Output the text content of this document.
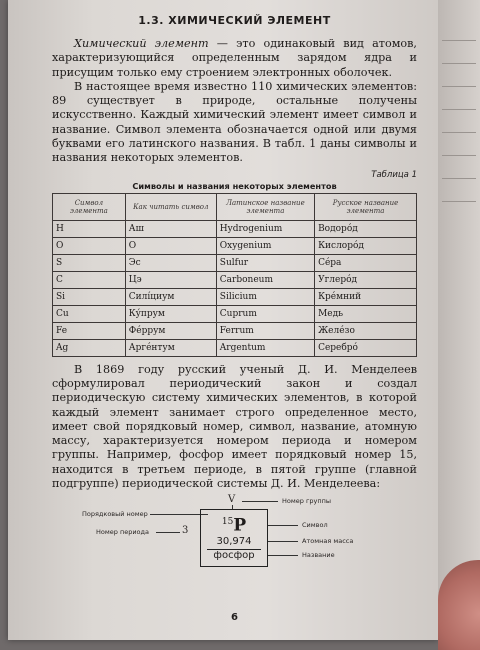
1.3. ХИМИЧЕСКИЙ ЭЛЕМЕНТ

Химический элемент — это одинаковый вид атомов, характеризующийся определенным зарядом ядра и присущим только ему строением электронных оболочек.

В настоящее время известно 110 химических элементов: 89 существует в природе, остальные получены искусственно. Каждый химический элемент имеет символ и название. Символ элемента обозначается одной или двумя буквами его латинского названия. В табл. 1 даны символы и названия некоторых элементов.

Таблица 1
Символы и названия некоторых элементов
Символ элемента	Как читать символ	Латинское название элемента	Русское название элемента
H	Аш	Hydrogenium	Водорóд
O	О	Oxygenium	Кислорóд
S	Эс	Sulfur	Сéра
C	Цэ	Carboneum	Углерóд
Si	Силíциум	Silicium	Крéмний
Cu	Кýпрум	Cuprum	Медь
Fe	Фéррум	Ferrum	Желéзо
Ag	Аргéнтум	Argentum	Серебрó

В 1869 году русский ученый Д. И. Менделеев сформулировал периодический закон и создал периодическую систему химических элементов, в которой каждый элемент занимает строго определенное место, имеет свой порядковый номер, символ, название, атомную массу, характеризуется номером периода и номером группы. Например, фосфор имеет порядковый номер 15, находится в третьем периоде, в пятой группе (главной подгруппе) периодической системы Д. И. Менделеева:

V	Номер группы
Порядковый номер
Номер периода	3
$^{15}$P
30,974
фосфор
Символ
Атомная масса
Название
6
